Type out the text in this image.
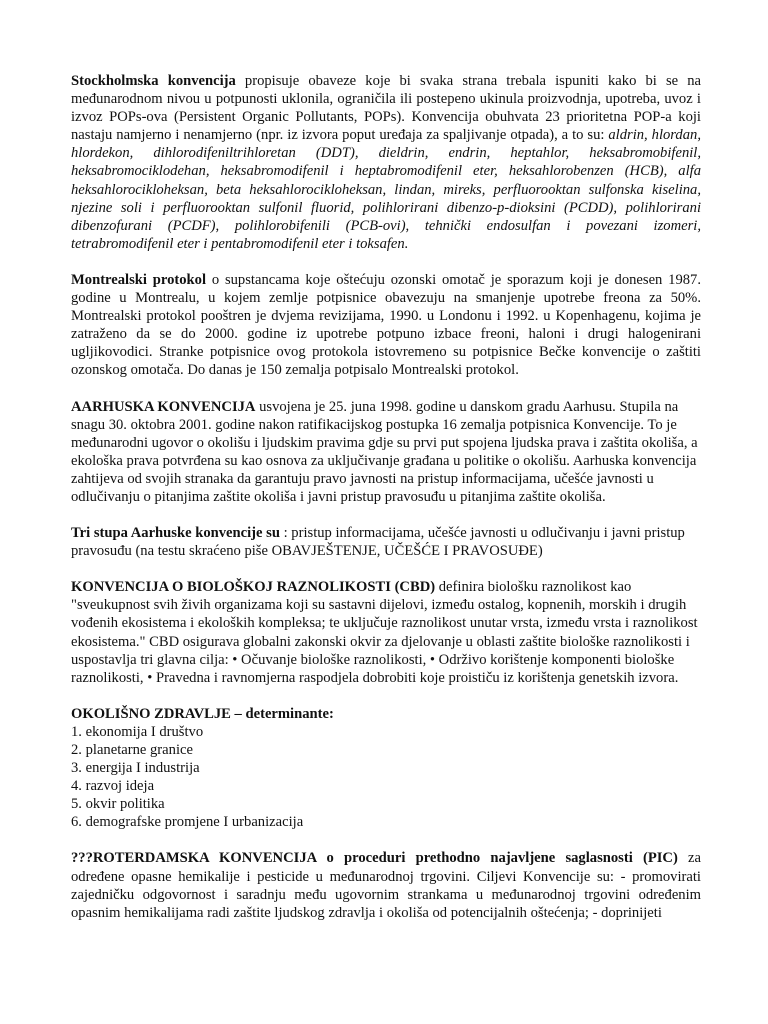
Stockholmska konvencija propisuje obaveze koje bi svaka strana trebala ispuniti kako bi se na međunarodnom nivou u potpunosti uklonila, ograničila ili postepeno ukinula proizvodnja, upotreba, uvoz i izvoz POPs-ova (Persistent Organic Pollutants, POPs). Konvencija obuhvata 23 prioritetna POP-a koji nastaju namjerno i nenamjerno (npr. iz izvora poput uređaja za spaljivanje otpada), a to su: aldrin, hlordan, hlordekon, dihlorodifeniltrihloretan (DDT), dieldrin, endrin, heptahlor, heksabromobifenil, heksabromociklodehan, heksabromodifenil i heptabromodifenil eter, heksahlorobenzen (HCB), alfa heksahlorocikloheksan, beta heksahlorocikloheksan, lindan, mireks, perfluorooktan sulfonska kiselina, njezine soli i perfluorooktan sulfonil fluorid, polihlorirani dibenzo-p-dioksini (PCDD), polihlorirani dibenzofurani (PCDF), polihlorobifenili (PCB-ovi), tehnički endosulfan i povezani izomeri, tetrabromodifenil eter i pentabromodifenil eter i toksafen.

Montrealski protokol o supstancama koje oštećuju ozonski omotač je sporazum koji je donesen 1987. godine u Montrealu, u kojem zemlje potpisnice obavezuju na smanjenje upotrebe freona za 50%. Montrealski protokol pooštren je dvjema revizijama, 1990. u Londonu i 1992. u Kopenhagenu, kojima je zatraženo da se do 2000. godine iz upotrebe potpuno izbace freoni, haloni i drugi halogenirani ugljikovodici. Stranke potpisnice ovog protokola istovremeno su potpisnice Bečke konvencije o zaštiti ozonskog omotača. Do danas je 150 zemalja potpisalo Montrealski protokol.

AARHUSKA KONVENCIJA usvojena je 25. juna 1998. godine u danskom gradu Aarhusu. Stupila na snagu 30. oktobra 2001. godine nakon ratifikacijskog postupka 16 zemalja potpisnica Konvencije. To je međunarodni ugovor o okolišu i ljudskim pravima gdje su prvi put spojena ljudska prava i zaštita okoliša, a ekološka prava potvrđena su kao osnova za uključivanje građana u politike o okolišu. Aarhuska konvencija zahtijeva od svojih stranaka da garantuju pravo javnosti na pristup informacijama, učešće javnosti u odlučivanju o pitanjima zaštite okoliša i javni pristup pravosuđu u pitanjima zaštite okoliša.

Tri stupa Aarhuske konvencije su : pristup informacijama, učešće javnosti u odlučivanju i javni pristup pravosuđu (na testu skraćeno piše OBAVJEŠTENJE, UČEŠĆE I PRAVOSUĐE)

KONVENCIJA O BIOLOŠKOJ RAZNOLIKOSTI (CBD) definira biološku raznolikost kao "sveukupnost svih živih organizama koji su sastavni dijelovi, između ostalog, kopnenih, morskih i drugih vođenih ekosistema i ekoloških kompleksa; te uključuje raznolikost unutar vrsta, između vrsta i raznolikost ekosistema." CBD osigurava globalni zakonski okvir za djelovanje u oblasti zaštite biološke raznolikosti i uspostavlja tri glavna cilja: • Očuvanje biološke raznolikosti, • Održivo korištenje komponenti biološke raznolikosti, • Pravedna i ravnomjerna raspodjela dobrobiti koje proističu iz korištenja genetskih izvora.

OKOLIŠNO ZDRAVLJE – determinante:
1. ekonomija I društvo
2. planetarne granice
3. energija I industrija
4. razvoj ideja
5. okvir politika
6. demografske promjene I urbanizacija

???ROTERDAMSKA KONVENCIJA o proceduri prethodno najavljene saglasnosti (PIC) za određene opasne hemikalije i pesticide u međunarodnoj trgovini. Ciljevi Konvencije su: - promovirati zajedničku odgovornost i saradnju među ugovornim strankama u međunarodnoj trgovini određenim opasnim hemikalijama radi zaštite ljudskog zdravlja i okoliša od potencijalnih oštećenja; - doprinijeti
